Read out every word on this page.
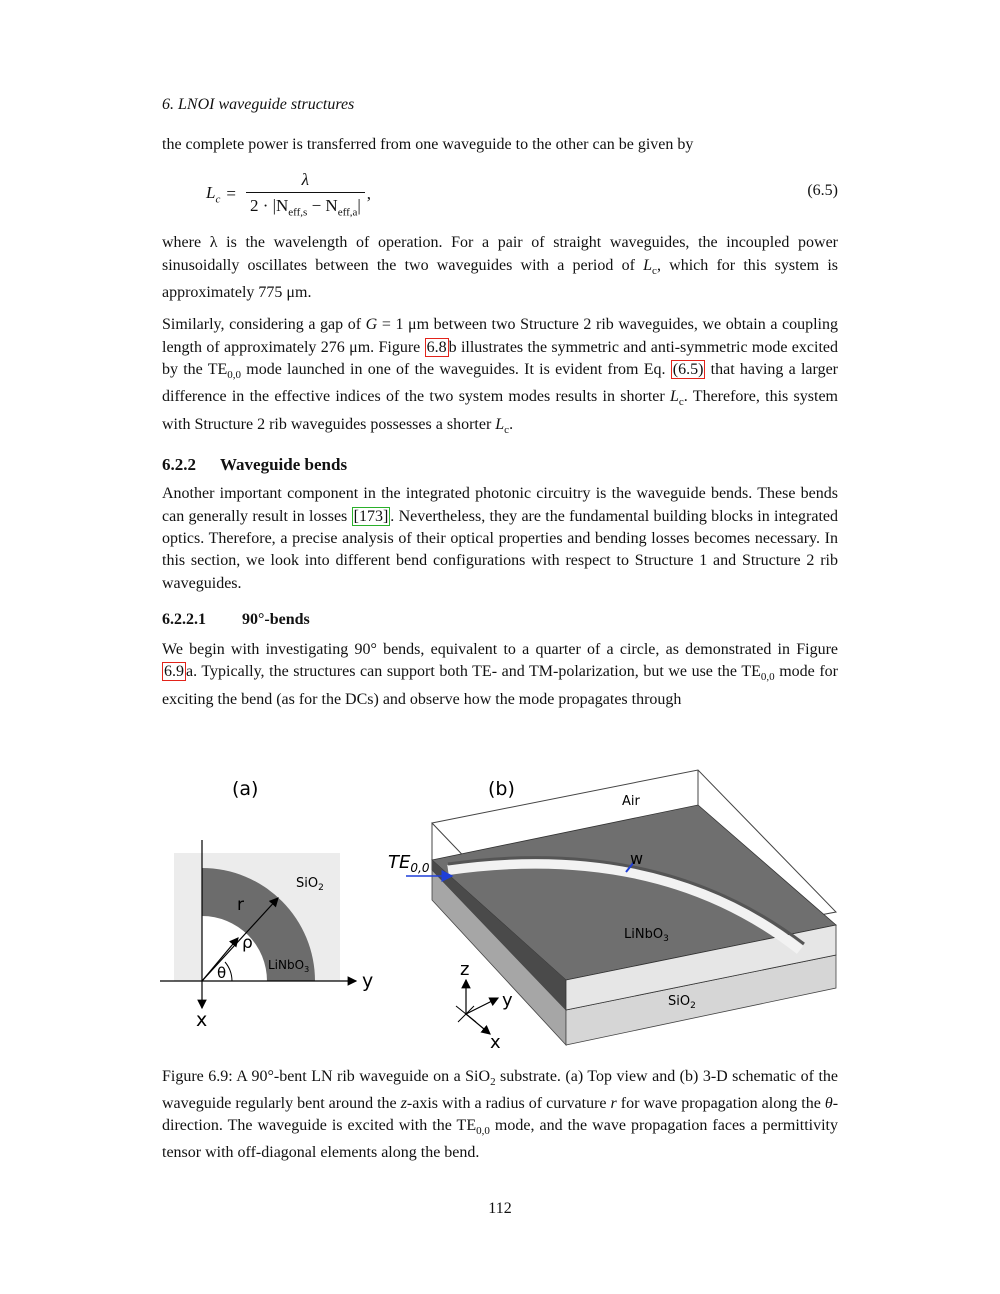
6. LNOI waveguide structures

the complete power is transferred from one waveguide to the other can be given by

$L_c = \frac{\lambda}{2 \cdot |N_{eff,s} - N_{eff,a}|}$ ,	(6.5)

where λ is the wavelength of operation. For a pair of straight waveguides, the incoupled power sinusoidally oscillates between the two waveguides with a period of $L_c$, which for this system is approximately 775 μm.

Similarly, considering a gap of G = 1 μm between two Structure 2 rib waveguides, we obtain a coupling length of approximately 276 μm. Figure 6.8 b illustrates the symmetric and anti-symmetric mode excited by the $TE_{0,0}$ mode launched in one of the waveguides. It is evident from Eq. (6.5) that having a larger difference in the effective indices of the two system modes results in shorter $L_c$. Therefore, this system with Structure 2 rib waveguides possesses a shorter $L_c$.

6.2.2 Waveguide bends

Another important component in the integrated photonic circuitry is the waveguide bends. These bends can generally result in losses [173] . Nevertheless, they are the fundamental building blocks in integrated optics. Therefore, a precise analysis of their optical properties and bending losses becomes necessary. In this section, we look into different bend configurations with respect to Structure 1 and Structure 2 rib waveguides.

6.2.2.1 90°-bends

We begin with investigating 90° bends, equivalent to a quarter of a circle, as demonstrated in Figure 6.9 a. Typically, the structures can support both TE- and TM-polarization, but we use the $TE_{0,0}$ mode for exciting the bend (as for the DCs) and observe how the mode propagates through

(a)
SiO$_2$
LiNbO$_3$
r
ρ
θ	y
x
(b)
Air
$TE_{0,0}$	w
LiNbO$_3$
SiO$_2$
z
y
x

Figure 6.9: A 90°-bent LN rib waveguide on a SiO$_2$ substrate. (a) Top view and (b) 3-D schematic of the waveguide regularly bent around the z-axis with a radius of curvature r for wave propagation along the θ-direction. The waveguide is excited with the $TE_{0,0}$ mode, and the wave propagation faces a permittivity tensor with off-diagonal elements along the bend.

112
